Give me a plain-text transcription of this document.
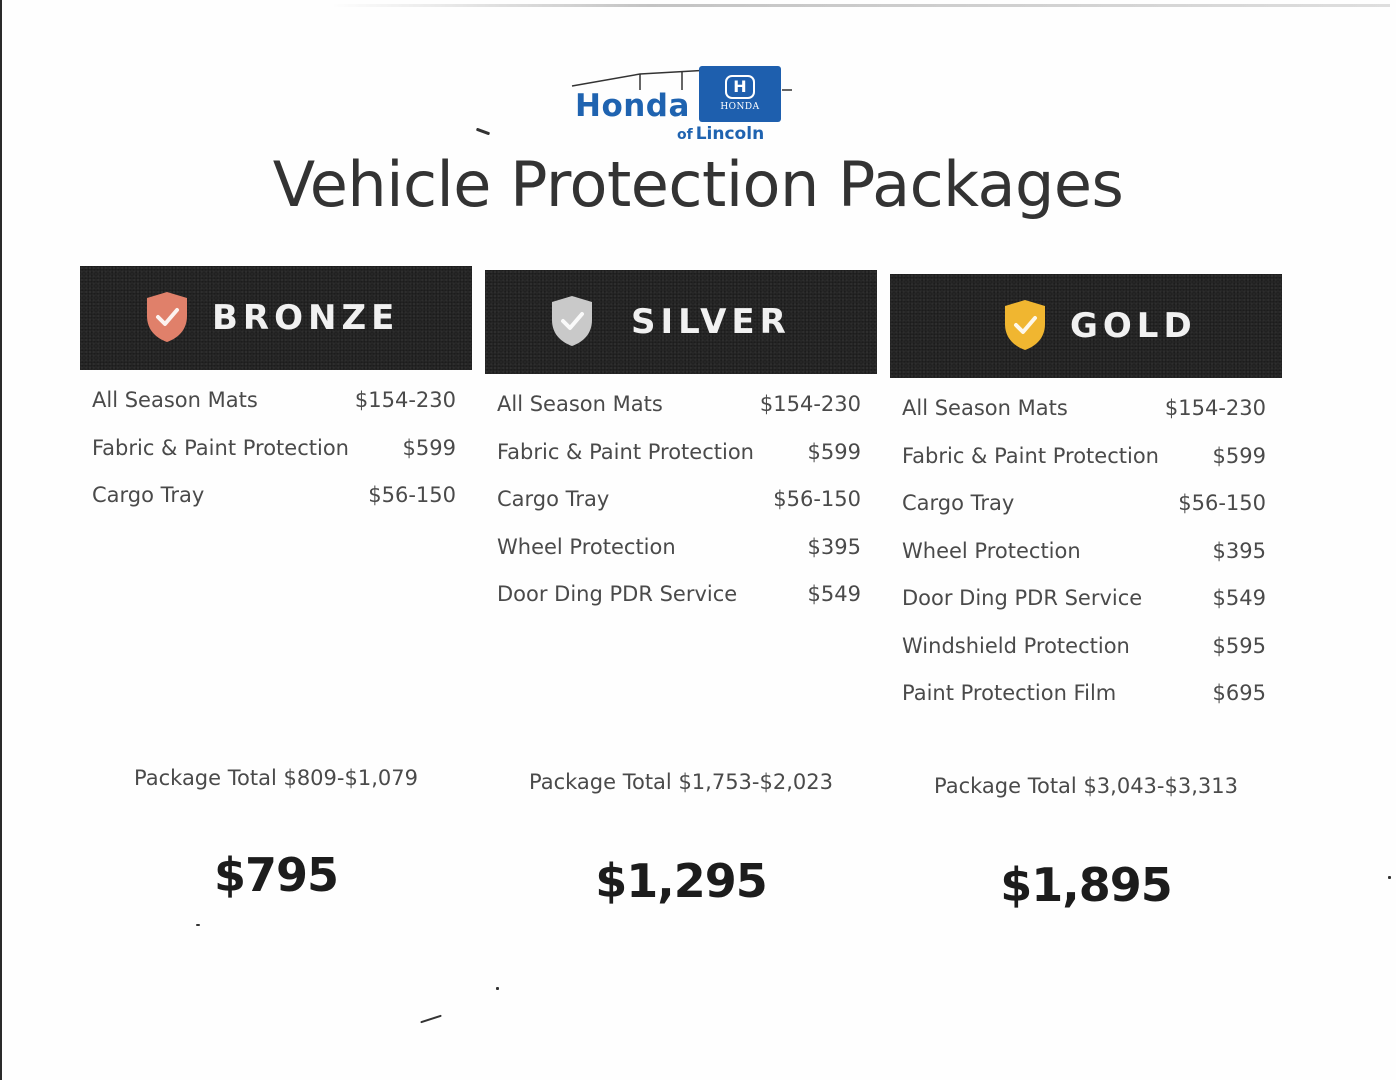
Honda
H
HONDA
of Lincoln
Vehicle Protection Packages
BRONZE
All Season Mats	$154-230
Fabric & Paint Protection	$599
Cargo Tray	$56-150
Package Total $809-$1,079
$795
SILVER
All Season Mats	$154-230
Fabric & Paint Protection	$599
Cargo Tray	$56-150
Wheel Protection	$395
Door Ding PDR Service	$549
Package Total $1,753-$2,023
$1,295
GOLD
All Season Mats	$154-230
Fabric & Paint Protection	$599
Cargo Tray	$56-150
Wheel Protection	$395
Door Ding PDR Service	$549
Windshield Protection	$595
Paint Protection Film	$695
Package Total $3,043-$3,313
$1,895
